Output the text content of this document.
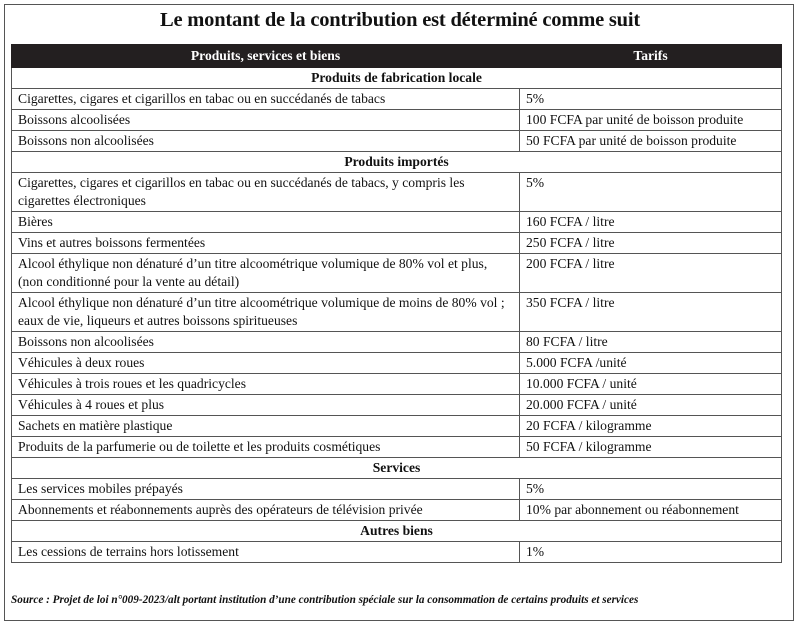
Le montant de la contribution est déterminé comme suit
Produits, services et biens	Tarifs
Produits de fabrication locale	
Cigarettes, cigares et cigarillos en tabac ou en succédanés de tabacs	5%
Boissons alcoolisées	100 FCFA par unité de boisson produite
Boissons non alcoolisées	50 FCFA par unité de boisson produite
Produits importés	
Cigarettes, cigares et cigarillos en tabac ou en succédanés de tabacs, y compris les cigarettes électroniques	5%
Bières	160 FCFA / litre
Vins et autres boissons fermentées	250 FCFA / litre
Alcool éthylique non dénaturé d’un titre alcoométrique volumique de 80% vol et plus, (non conditionné pour la vente au détail)	200 FCFA / litre
Alcool éthylique non dénaturé d’un titre alcoométrique volumique de moins de 80% vol ; eaux de vie, liqueurs et autres boissons spiritueuses	350 FCFA / litre
Boissons non alcoolisées	80 FCFA / litre
Véhicules à deux roues	5.000 FCFA /unité
Véhicules à trois roues et les quadricycles	10.000 FCFA / unité
Véhicules à 4 roues et plus	20.000 FCFA / unité
Sachets en matière plastique	20 FCFA / kilogramme
Produits de la parfumerie ou de toilette et les produits cosmétiques	50 FCFA / kilogramme
Services	
Les services mobiles prépayés	5%
Abonnements et réabonnements auprès des opérateurs de télévision privée	10% par abonnement ou réabonnement
Autres biens	
Les cessions de terrains hors lotissement	1%
Source : Projet de loi n°009-2023/alt portant institution d’une contribution spéciale sur la consommation de certains produits et services
